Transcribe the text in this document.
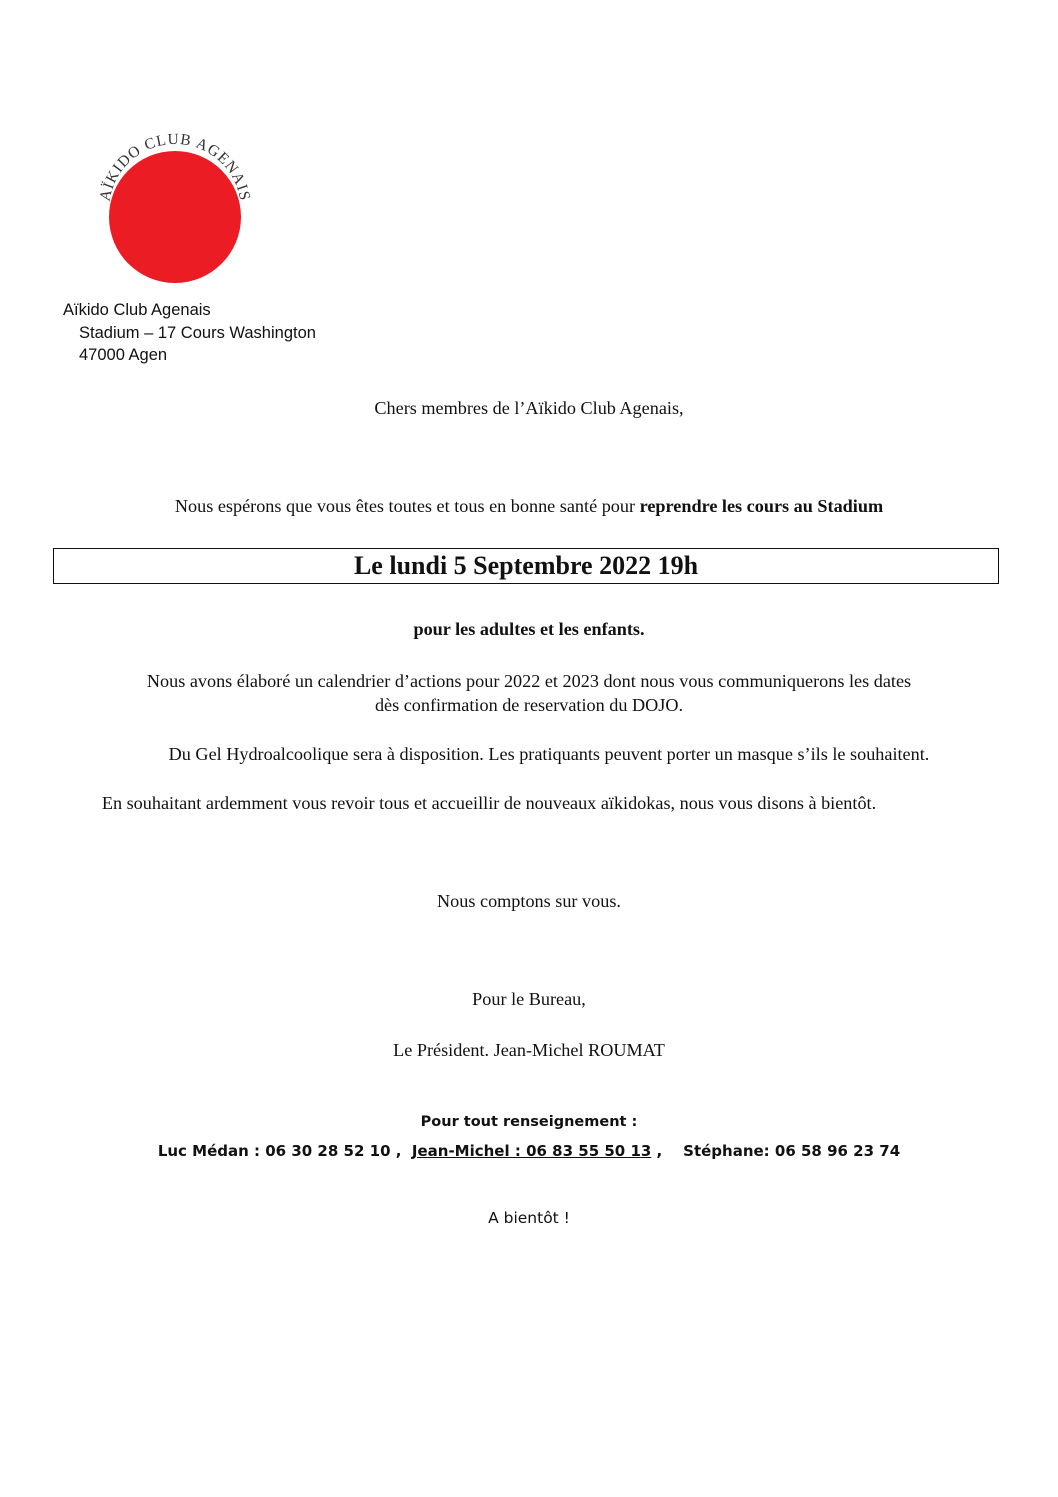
AÏKIDO CLUB AGENAIS
Aïkido Club Agenais
Stadium – 17 Cours Washington
47000 Agen
Chers membres de l’Aïkido Club Agenais,
Nous espérons que vous êtes toutes et tous en bonne santé pour reprendre les cours au Stadium
Le lundi 5 Septembre 2022 19h
pour les adultes et les enfants.
Nous avons élaboré un calendrier d’actions pour 2022 et 2023 dont nous vous communiquerons les dates
dès confirmation de reservation du DOJO.
Du Gel Hydroalcoolique sera à disposition. Les pratiquants peuvent porter un masque s’ils le souhaitent.
En souhaitant ardemment vous revoir tous et accueillir de nouveaux aïkidokas, nous vous disons à bientôt.
Nous comptons sur vous.
Pour le Bureau,
Le Président. Jean-Michel ROUMAT
Pour tout renseignement :
Luc Médan : 06 30 28 52 10 , Jean-Michel : 06 83 55 50 13 , Stéphane: 06 58 96 23 74
A bientôt !
